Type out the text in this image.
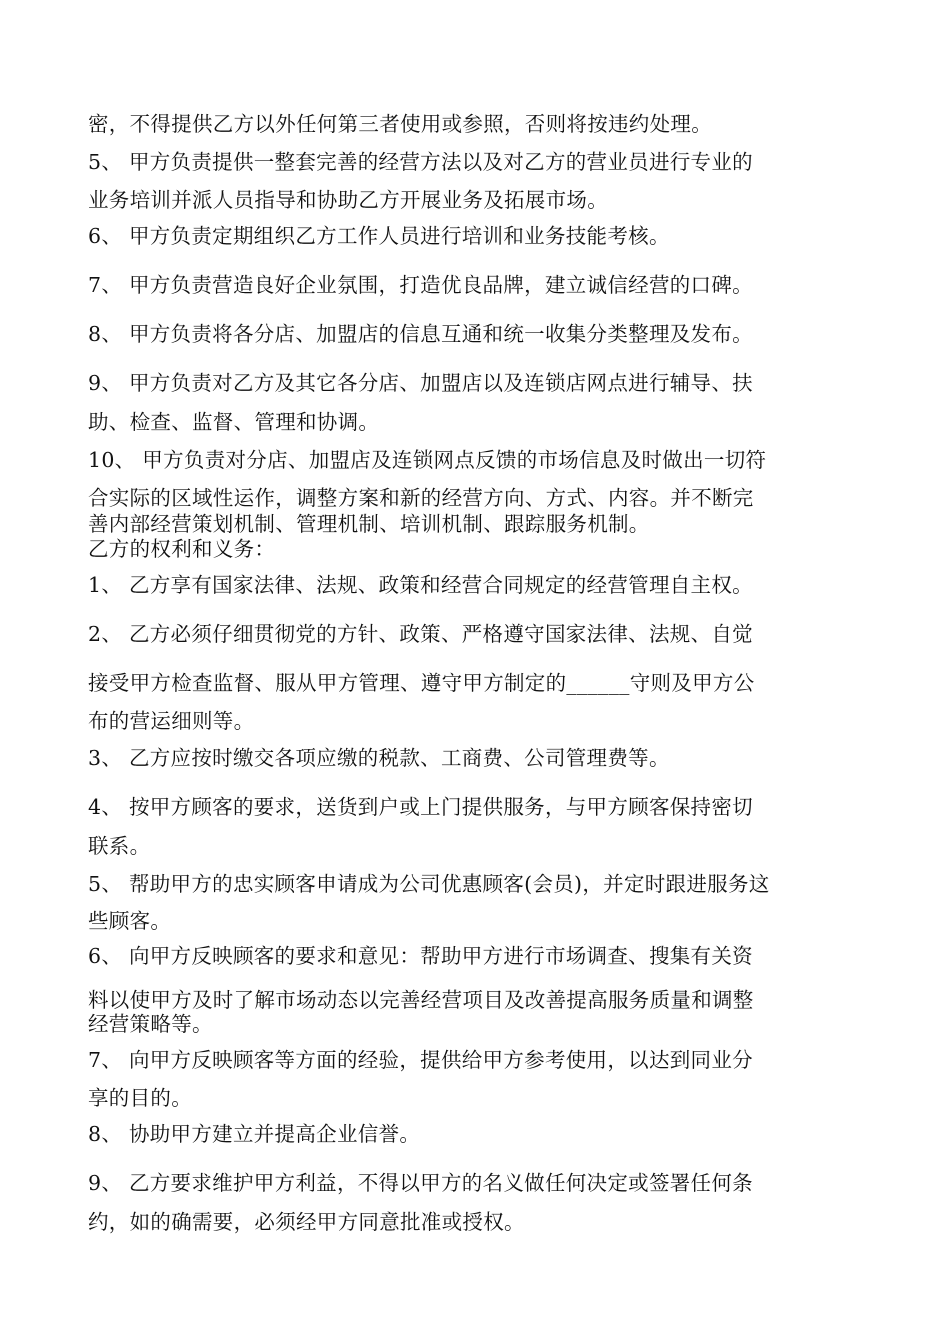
密，不得提供乙方以外任何第三者使用或参照，否则将按违约处理。
5、 甲方负责提供一整套完善的经营方法以及对乙方的营业员进行专业的
业务培训并派人员指导和协助乙方开展业务及拓展市场。
6、 甲方负责定期组织乙方工作人员进行培训和业务技能考核。
7、 甲方负责营造良好企业氛围，打造优良品牌，建立诚信经营的口碑。
8、 甲方负责将各分店、加盟店的信息互通和统一收集分类整理及发布。
9、 甲方负责对乙方及其它各分店、加盟店以及连锁店网点进行辅导、扶
助、检查、监督、管理和协调。
10、 甲方负责对分店、加盟店及连锁网点反馈的市场信息及时做出一切符
合实际的区域性运作，调整方案和新的经营方向、方式、内容。并不断完
善内部经营策划机制、管理机制、培训机制、跟踪服务机制。
乙方的权利和义务：
1、 乙方享有国家法律、法规、政策和经营合同规定的经营管理自主权。
2、 乙方必须仔细贯彻党的方针、政策、严格遵守国家法律、法规、自觉
接受甲方检查监督、服从甲方管理、遵守甲方制定的______守则及甲方公
布的营运细则等。
3、 乙方应按时缴交各项应缴的税款、工商费、公司管理费等。
4、 按甲方顾客的要求，送货到户或上门提供服务，与甲方顾客保持密切
联系。
5、 帮助甲方的忠实顾客申请成为公司优惠顾客(会员)，并定时跟进服务这
些顾客。
6、 向甲方反映顾客的要求和意见：帮助甲方进行市场调查、搜集有关资
料以使甲方及时了解市场动态以完善经营项目及改善提高服务质量和调整
经营策略等。
7、 向甲方反映顾客等方面的经验，提供给甲方参考使用，以达到同业分
享的目的。
8、 协助甲方建立并提高企业信誉。
9、 乙方要求维护甲方利益，不得以甲方的名义做任何决定或签署任何条
约，如的确需要，必须经甲方同意批准或授权。
